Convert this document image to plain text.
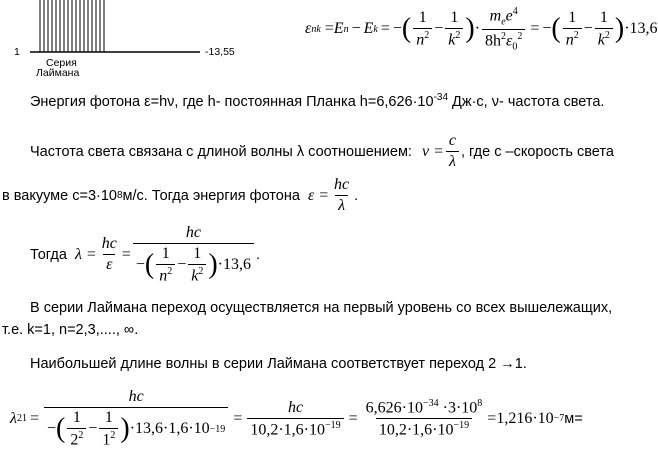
1	-13,55
Серия
Лаймана
ε nk = E n − E k = − ( $\frac{1}{n^2} - \frac{1}{k^2}$ ) · $\frac{m_ee^4}{8h^2\varepsilon_0^2}$ = − ( $\frac{1}{n^2} - \frac{1}{k^2}$ ) ·13,6
Энергия фотона ε=hν, где h- постоянная Планка $h=6,626\cdot 10^{-34}$ Дж·с, ν- частота света.
Частота света связана с длиной волны λ соотношением: $\nu = \frac{c}{\lambda}$ , где с –скорость света
в вакууме с=3·10 8 м/с. Тогда энергия фотона $\varepsilon = \frac{hc}{\lambda}$ .
Тогда $\lambda = \frac{hc}{\varepsilon}$ =
hc
− ( $\frac{1}{n^2} - \frac{1}{k^2}$ ) ·13,6
.
В серии Лаймана переход осуществляется на первый уровень со всех вышележащих,
т.е. k=1, n=2,3,...., ∞.
Наибольшей длине волны в серии Лаймана соответствует переход 2 →1.
λ 21 =
hc
− ( $\frac{1}{2^2} - \frac{1}{1^2}$ ) ·13,6·1,6·10 −19
= $\frac{hc}{10,2\cdot 1,6\cdot 10^{-19}} = \frac{6,626\cdot 10^{-34} \cdot 3\cdot 10^8}{10,2\cdot 1,6\cdot 10^{-19}} =1,216\cdot 10 -7$ м=
